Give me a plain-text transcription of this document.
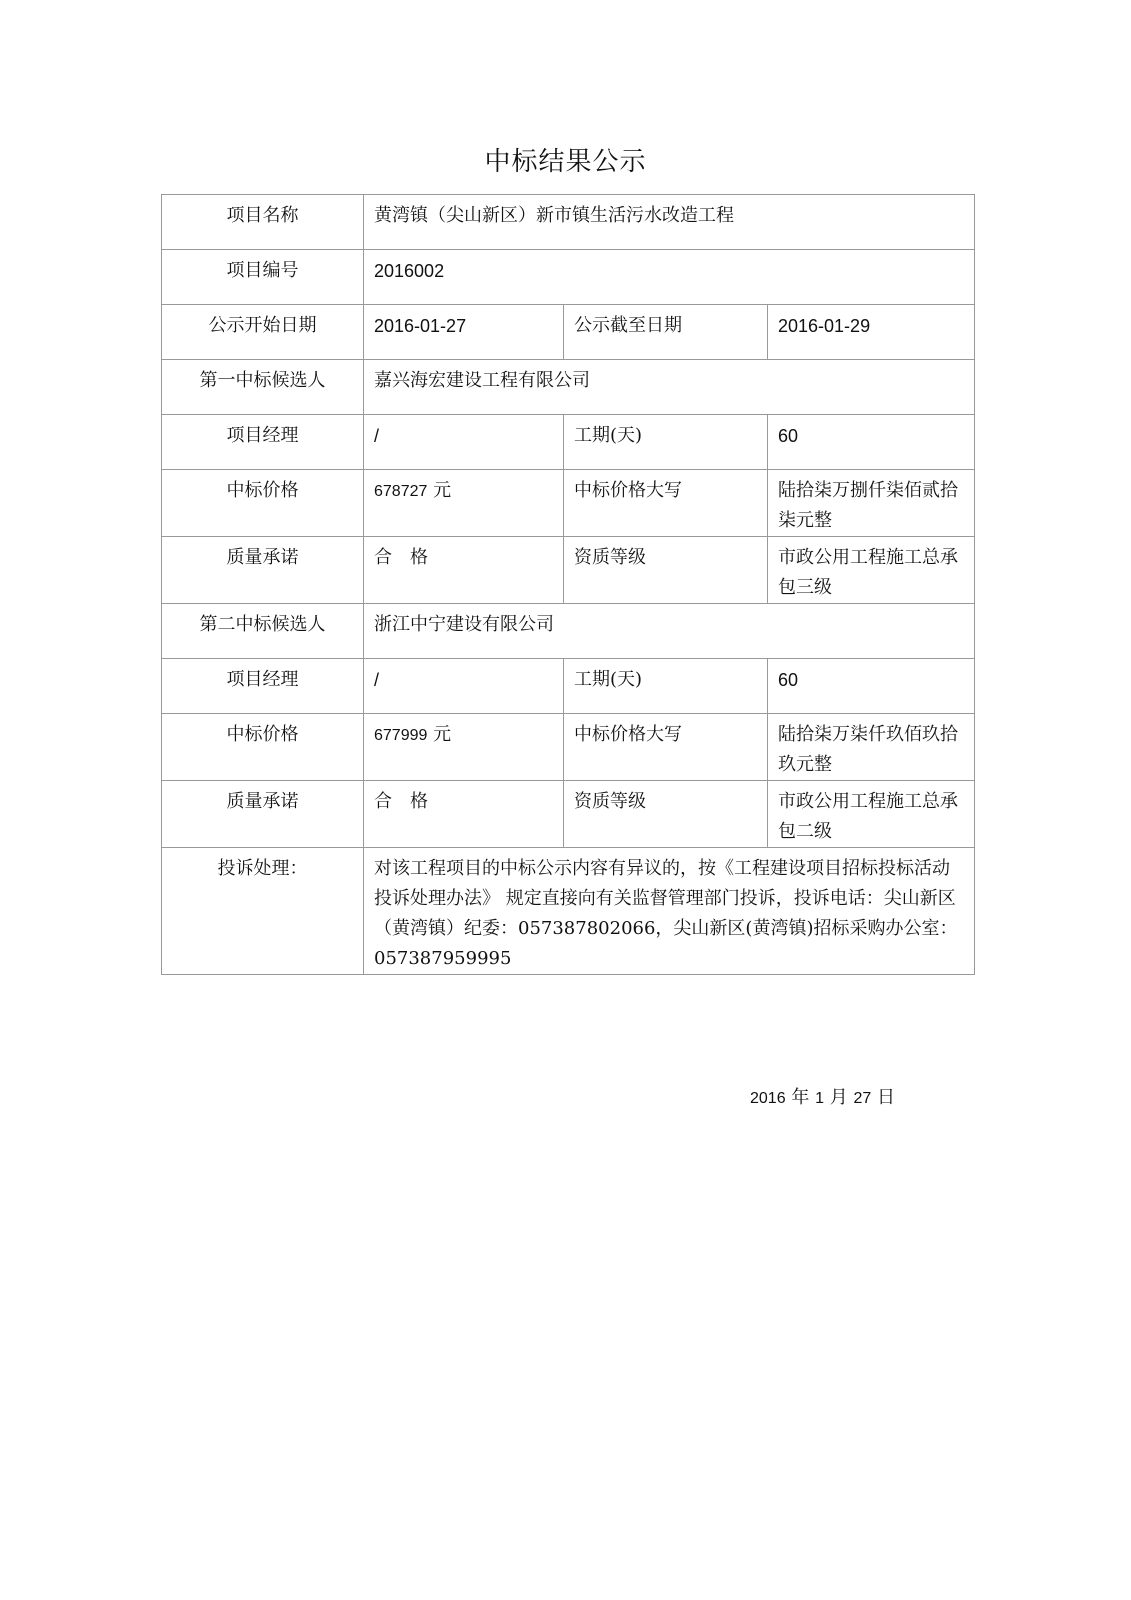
中标结果公示
项目名称	黄湾镇（尖山新区）新市镇生活污水改造工程		
项目编号	2016002		
公示开始日期	2016-01-27	公示截至日期	2016-01-29
第一中标候选人	嘉兴海宏建设工程有限公司		
项目经理	/	工期(天)	60
中标价格	678727 元	中标价格大写	陆拾柒万捌仟柒佰贰拾柒元整
质量承诺	合　格	资质等级	市政公用工程施工总承包三级
第二中标候选人	浙江中宁建设有限公司		
项目经理	/	工期(天)	60
中标价格	677999 元	中标价格大写	陆拾柒万柒仟玖佰玖拾玖元整
质量承诺	合　格	资质等级	市政公用工程施工总承包二级
投诉处理：	对该工程项目的中标公示内容有异议的，按《工程建设项目招标投标活动投诉处理办法》 规定直接向有关监督管理部门投诉，投诉电话：尖山新区（黄湾镇）纪委：057387802066，尖山新区(黄湾镇)招标采购办公室：057387959995		
2016 年 1 月 27 日
